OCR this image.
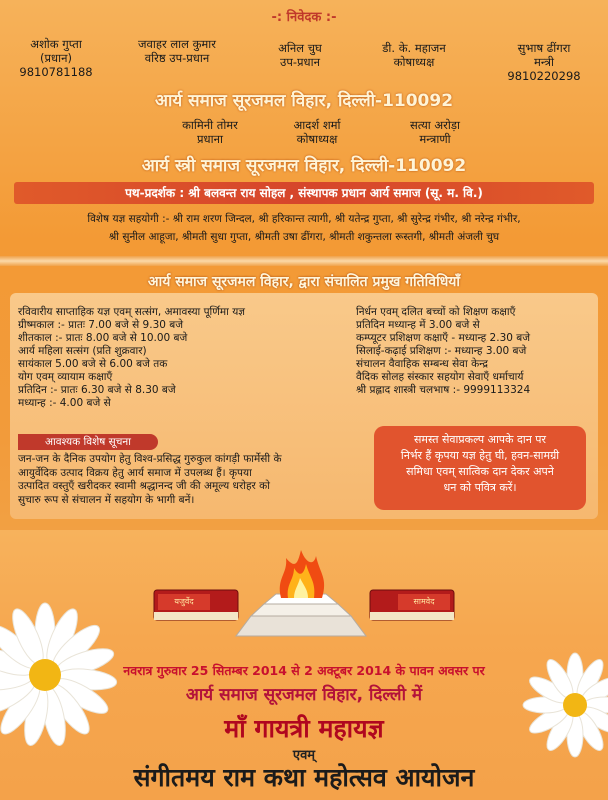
-: निवेदक :-
अशोक गुप्ता
(प्रधान)
9810781188
जवाहर लाल कुमार
वरिष्ठ उप-प्रधान
अनिल चुघ
उप-प्रधान
डी. के. महाजन
कोषाध्यक्ष
सुभाष ढींगरा
मन्त्री
9810220298
आर्य समाज सूरजमल विहार, दिल्ली-110092
कामिनी तोमर
प्रधाना
आदर्श शर्मा
कोषाध्यक्ष
सत्या अरोड़ा
मन्त्राणी
आर्य स्त्री समाज सूरजमल विहार, दिल्ली-110092
पथ-प्रदर्शक : श्री बलवन्त राय सोहल , संस्थापक प्रधान आर्य समाज (सू. म. वि.)
विशेष यज्ञ सहयोगी :- श्री राम शरण जिन्दल, श्री हरिकान्त त्यागी, श्री यतेन्द्र गुप्ता, श्री सुरेन्द्र गंभीर, श्री नरेन्द्र गंभीर,
श्री सुनील आहूजा, श्रीमती सुधा गुप्ता, श्रीमती उषा ढींगरा, श्रीमती शकुन्तला रूस्तगी, श्रीमती अंजली चुघ
आर्य समाज सूरजमल विहार, द्वारा संचालित प्रमुख गतिविधियाँ
रविवारीय साप्ताहिक यज्ञ एवम् सत्संग, अमावस्या पूर्णिमा यज्ञ
ग्रीष्मकाल :- प्रातः 7.00 बजे से 9.30 बजे
शीतकाल :- प्रातः 8.00 बजे से 10.00 बजे
आर्य महिला सत्संग (प्रति शुक्रवार)
सायंकाल 5.00 बजे से 6.00 बजे तक
योग एवम् व्यायाम कक्षाएँ
प्रतिदिन :- प्रातः 6.30 बजे से 8.30 बजे
मध्यान्ह :- 4.00 बजे से
निर्धन एवम् दलित बच्चों को शिक्षण कक्षाएँ
प्रतिदिन मध्यान्ह में 3.00 बजे से
कम्प्यूटर प्रशिक्षण कक्षाएँ - मध्यान्ह 2.30 बजे
सिलाई-कढ़ाई प्रशिक्षण :- मध्यान्ह 3.00 बजे
संचालन वैवाहिक सम्बन्ध सेवा केन्द्र
वैदिक सोलह संस्कार सहयोग सेवाएँ धर्माचार्य
श्री प्रह्लाद शास्त्री चलभाष :- 9999113324
आवश्यक विशेष सूचना
जन-जन के दैनिक उपयोग हेतु विश्व-प्रसिद्ध गुरुकुल कांगड़ी फार्मेसी के
आयुर्वेदिक उत्पाद विक्रय हेतु आर्य समाज में उपलब्ध हैं। कृपया
उत्पादित वस्तुएँ खरीदकर स्वामी श्रद्धानन्द जी की अमूल्य धरोहर को
सुचारु रूप से संचालन में सहयोग के भागी बनें।
समस्त सेवाप्रकल्प आपके दान पर
निर्भर हैं कृपया यज्ञ हेतु घी, हवन-सामग्री
समिधा एवम् सात्विक दान देकर अपने
धन को पवित्र करें।
यजुर्वेद	सामवेद
नवरात्र गुरुवार 25 सितम्बर 2014 से 2 अक्टूबर 2014 के पावन अवसर पर
आर्य समाज सूरजमल विहार, दिल्ली में
माँ गायत्री महायज्ञ
एवम्
संगीतमय राम कथा महोत्सव आयोजन
